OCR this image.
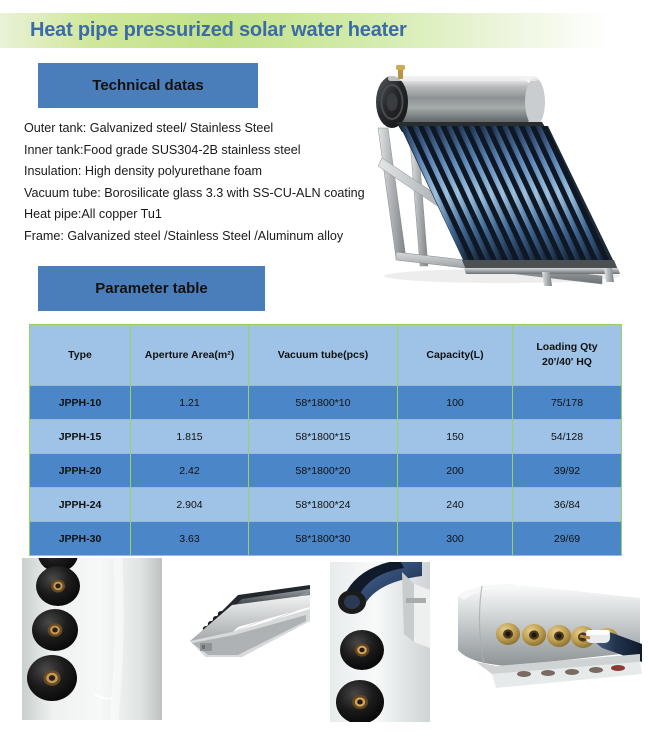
Heat pipe pressurized solar water heater
Technical datas
Outer tank: Galvanized steel/ Stainless Steel
Inner tank:Food grade SUS304-2B stainless steel
Insulation: High density polyurethane foam
Vacuum tube: Borosilicate glass 3.3 with SS-CU-ALN coating
Heat pipe:All copper Tu1
Frame: Galvanized steel /Stainless Steel /Aluminum alloy
Parameter table
Type	Aperture Area(m²)	Vacuum tube(pcs)	Capacity(L)	Loading Qty
20'/40' HQ

JPPH-10	1.21	58*1800*10	100	75/178
JPPH-15	1.815	58*1800*15	150	54/128
JPPH-20	2.42	58*1800*20	200	39/92
JPPH-24	2.904	58*1800*24	240	36/84
JPPH-30	3.63	58*1800*30	300	29/69
